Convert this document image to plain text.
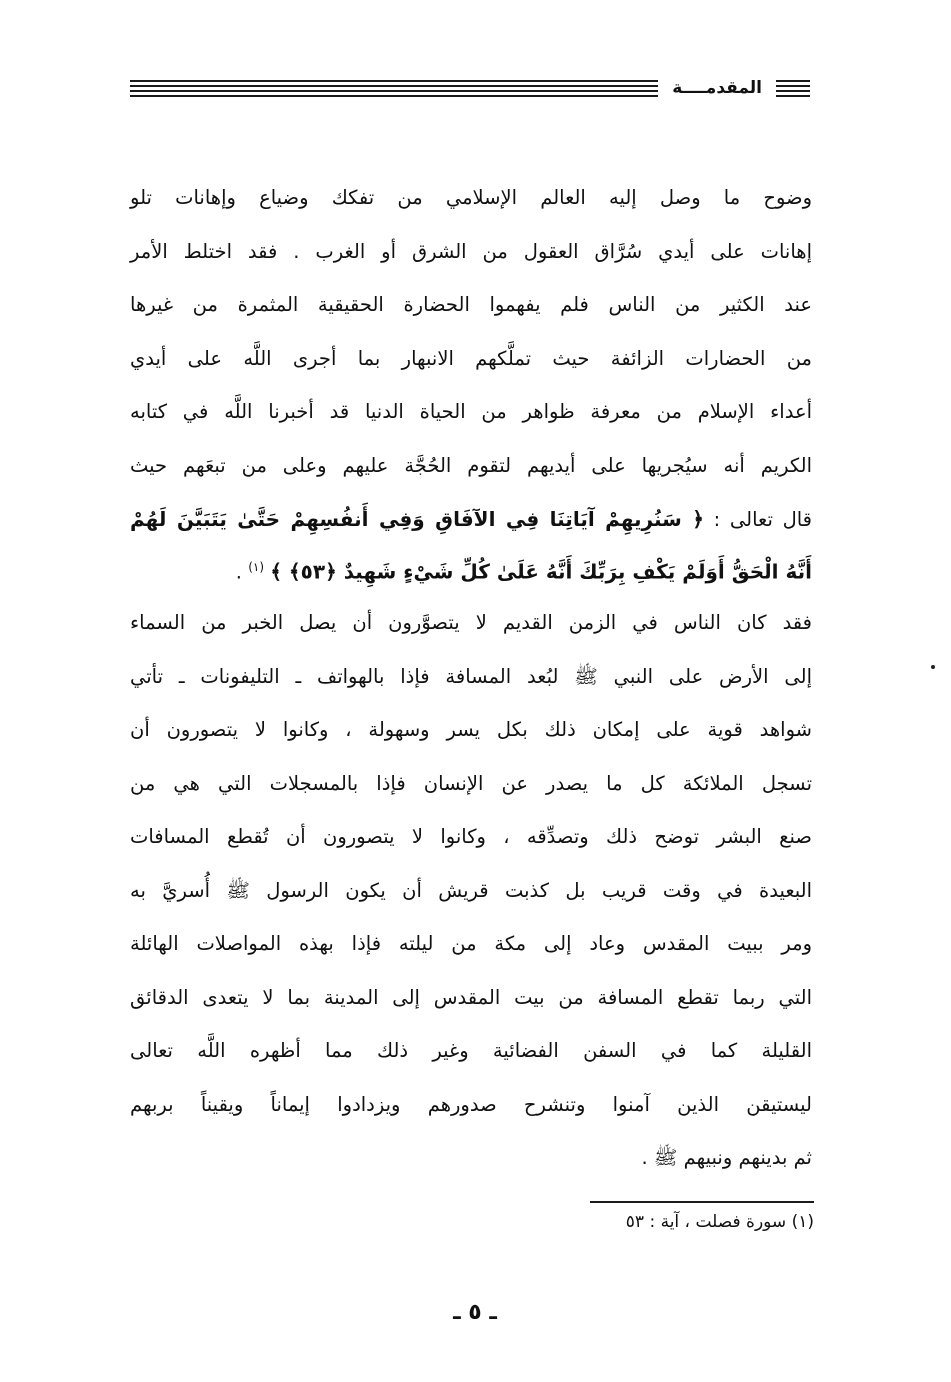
المقدمــــة
وضوح ما وصل إليه العالم الإسلامي من تفكك وضياع وإهانات تلو
إهانات على أيدي سُرَّاق العقول من الشرق أو الغرب . فقد اختلط الأمر
عند الكثير من الناس فلم يفهموا الحضارة الحقيقية المثمرة من غيرها
من الحضارات الزائفة حيث تملَّكهم الانبهار بما أجرى اللَّه على أيدي
أعداء الإسلام من معرفة ظواهر من الحياة الدنيا قد أخبرنا اللَّه في كتابه
الكريم أنه سيُجريها على أيديهم لتقوم الحُجَّة عليهم وعلى من تبعَهم حيث
قال تعالى : ﴿ سَنُرِيهِمْ آيَاتِنَا فِي الآفَاقِ وَفِي أَنفُسِهِمْ حَتَّىٰ يَتَبَيَّنَ لَهُمْ
أَنَّهُ الْحَقُّ أَوَلَمْ يَكْفِ بِرَبِّكَ أَنَّهُ عَلَىٰ كُلِّ شَيْءٍ شَهِيدٌ ﴿٥٣﴾ ﴾ $^{(١)}$ .
فقد كان الناس في الزمن القديم لا يتصوَّرون أن يصل الخبر من السماء
إلى الأرض على النبي ﷺ لبُعد المسافة فإذا بالهواتف ـ التليفونات ـ تأتي
شواهد قوية على إمكان ذلك بكل يسر وسهولة ، وكانوا لا يتصورون أن
تسجل الملائكة كل ما يصدر عن الإنسان فإذا بالمسجلات التي هي من
صنع البشر توضح ذلك وتصدِّقه ، وكانوا لا يتصورون أن تُقطع المسافات
البعيدة في وقت قريب بل كذبت قريش أن يكون الرسول ﷺ أُسريَّ به
ومر ببيت المقدس وعاد إلى مكة من ليلته فإذا بهذه المواصلات الهائلة
التي ربما تقطع المسافة من بيت المقدس إلى المدينة بما لا يتعدى الدقائق
القليلة كما في السفن الفضائية وغير ذلك مما أظهره اللَّه تعالى
ليستيقن الذين آمنوا وتنشرح صدورهم ويزدادوا إيماناً ويقيناً بربهم
ثم بدينهم ونبيهم ﷺ .
(١) سورة فصلت ، آية : ٥٣
ـ ٥ ـ
